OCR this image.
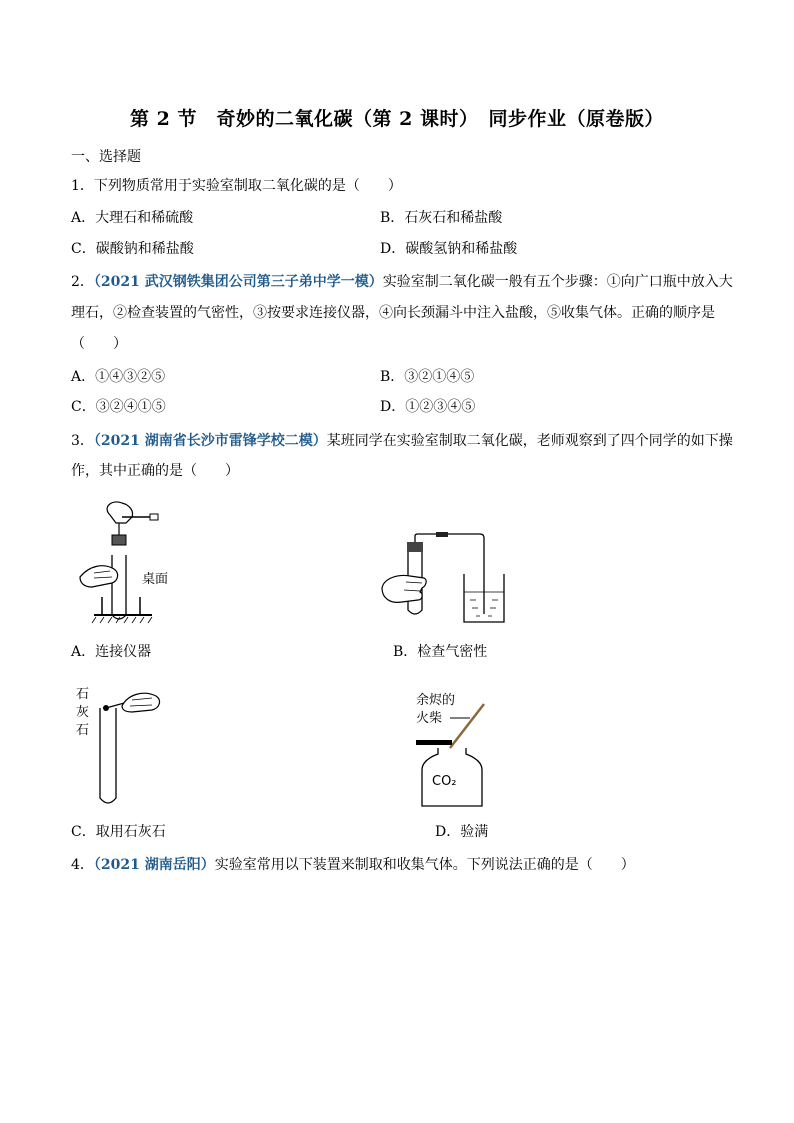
第 2 节　奇妙的二氧化碳（第 2 课时）　同步作业（原卷版）
一、选择题
1．下列物质常用于实验室制取二氧化碳的是（　　）
A．大理石和稀硫酸	B．石灰石和稀盐酸
C．碳酸钠和稀盐酸	D．碳酸氢钠和稀盐酸
2．（2021 武汉钢铁集团公司第三子弟中学一模）实验室制二氧化碳一般有五个步骤：①向广口瓶中放入大
理石，②检查装置的气密性，③按要求连接仪器，④向长颈漏斗中注入盐酸，⑤收集气体。正确的顺序是
（　　）
A．①④③②⑤	B．③②①④⑤
C．③②④①⑤	D．①②③④⑤
3．（2021 湖南省长沙市雷锋学校二模）某班同学在实验室制取二氧化碳，老师观察到了四个同学的如下操
作，其中正确的是（　　）
桌面
A．连接仪器	B．检查气密性
石
灰
石
C．取用石灰石
余烬的
火柴
CO₂
D．验满
4．（2021 湖南岳阳）实验室常用以下装置来制取和收集气体。下列说法正确的是（　　）
